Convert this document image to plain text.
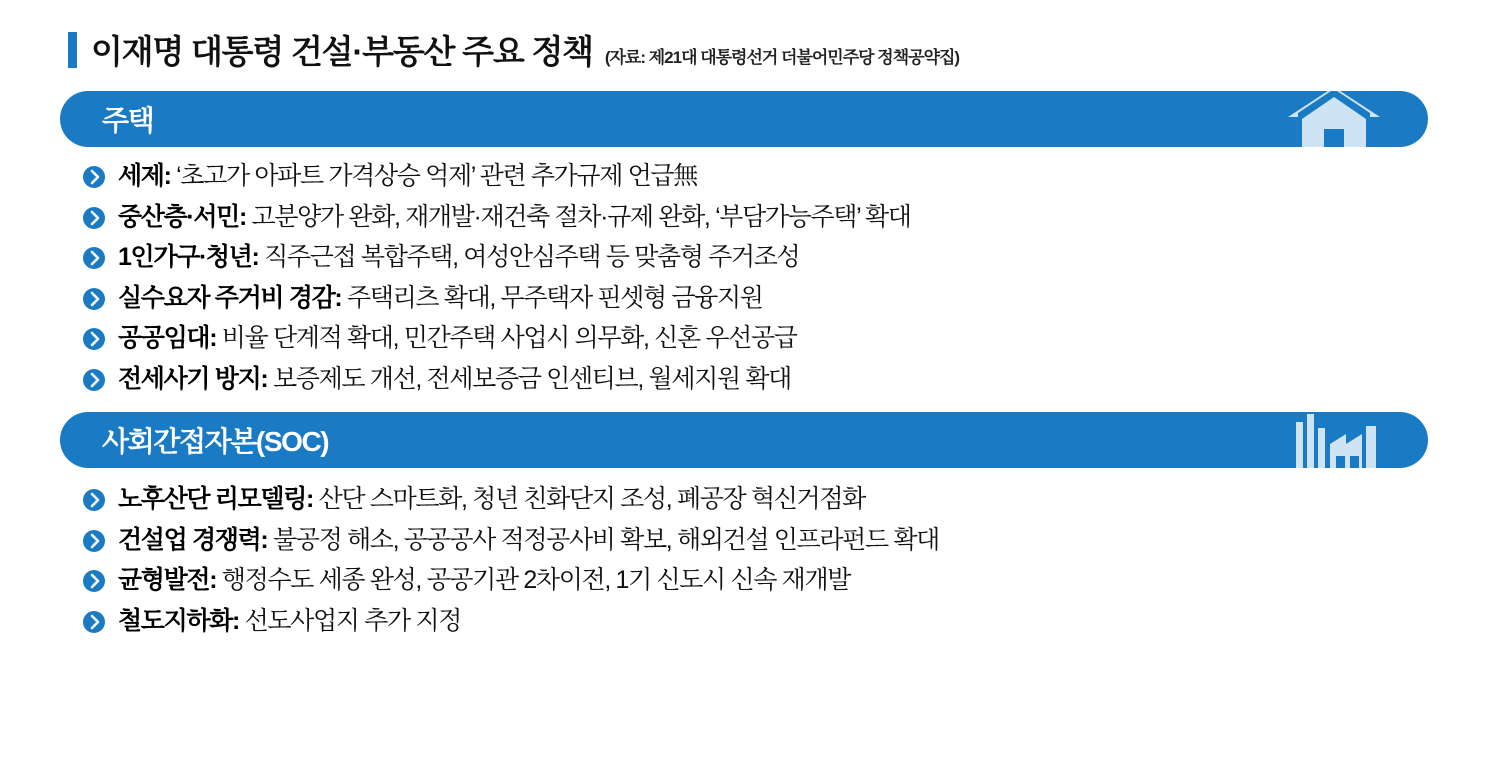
이재명 대통령 건설·부동산 주요 정책 (자료: 제21대 대통령선거 더불어민주당 정책공약집)
주택
세제: ‘초고가 아파트 가격상승 억제’ 관련 추가규제 언급無
중산층·서민: 고분양가 완화, 재개발·재건축 절차·규제 완화, ‘부담가능주택’ 확대
1인가구·청년: 직주근접 복합주택, 여성안심주택 등 맞춤형 주거조성
실수요자 주거비 경감: 주택리츠 확대, 무주택자 핀셋형 금융지원
공공임대: 비율 단계적 확대, 민간주택 사업시 의무화, 신혼 우선공급
전세사기 방지: 보증제도 개선, 전세보증금 인센티브, 월세지원 확대
사회간접자본(SOC)
노후산단 리모델링: 산단 스마트화, 청년 친화단지 조성, 폐공장 혁신거점화
건설업 경쟁력: 불공정 해소, 공공공사 적정공사비 확보, 해외건설 인프라펀드 확대
균형발전: 행정수도 세종 완성, 공공기관 2차이전, 1기 신도시 신속 재개발
철도지하화: 선도사업지 추가 지정
